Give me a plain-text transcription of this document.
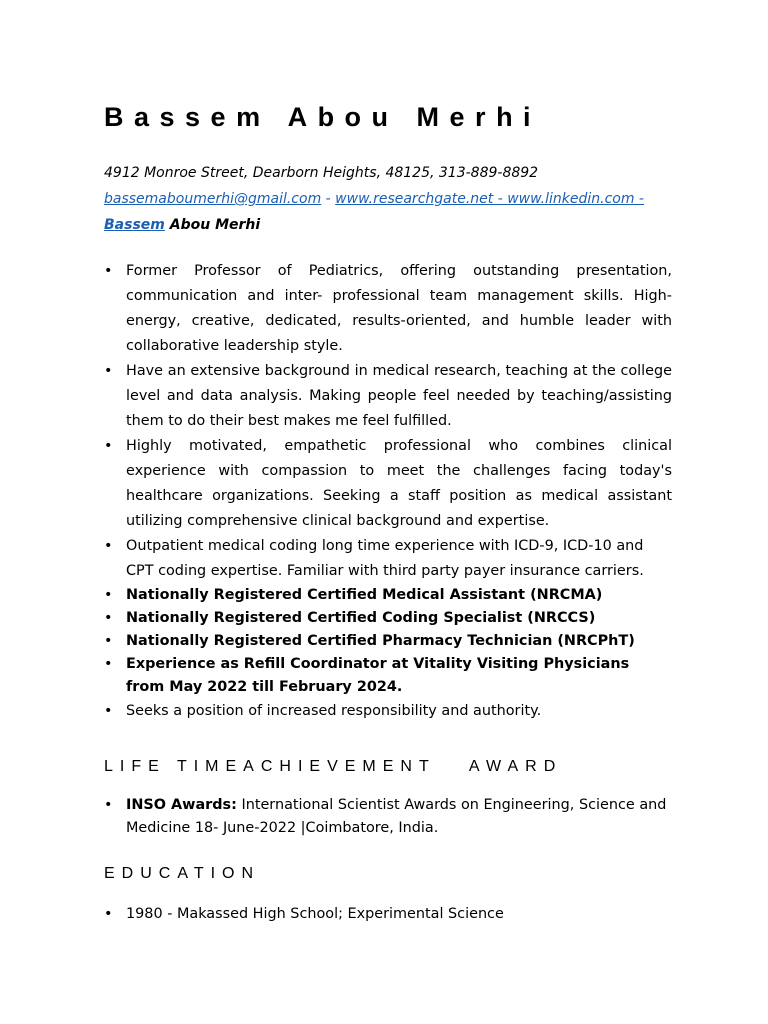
Bassem Abou Merhi
4912 Monroe Street, Dearborn Heights, 48125, 313-889-8892
bassemaboumerhi@gmail.com - www.researchgate.net - www.linkedin.com -
Bassem Abou Merhi
• Former Professor of Pediatrics, offering outstanding presentation, communication and inter- professional team management skills. High-energy, creative, dedicated, results-oriented, and humble leader with collaborative leadership style.
• Have an extensive background in medical research, teaching at the college level and data analysis. Making people feel needed by teaching/assisting them to do their best makes me feel fulfilled.
• Highly motivated, empathetic professional who combines clinical experience with compassion to meet the challenges facing today's healthcare organizations. Seeking a staff position as medical assistant utilizing comprehensive clinical background and expertise.
• Outpatient medical coding long time experience with ICD-9, ICD-10 and CPT coding expertise. Familiar with third party payer insurance carriers.
• Nationally Registered Certified Medical Assistant (NRCMA)
• Nationally Registered Certified Coding Specialist (NRCCS)
• Nationally Registered Certified Pharmacy Technician (NRCPhT)
• Experience as Refill Coordinator at Vitality Visiting Physicians from May 2022 till February 2024.
• Seeks a position of increased responsibility and authority.
LIFE TIMEACHIEVEMENT   AWARD
• INSO Awards: International Scientist Awards on Engineering, Science and Medicine 18- June-2022 |Coimbatore, India.
EDUCATION
• 1980 - Makassed High School; Experimental Science
